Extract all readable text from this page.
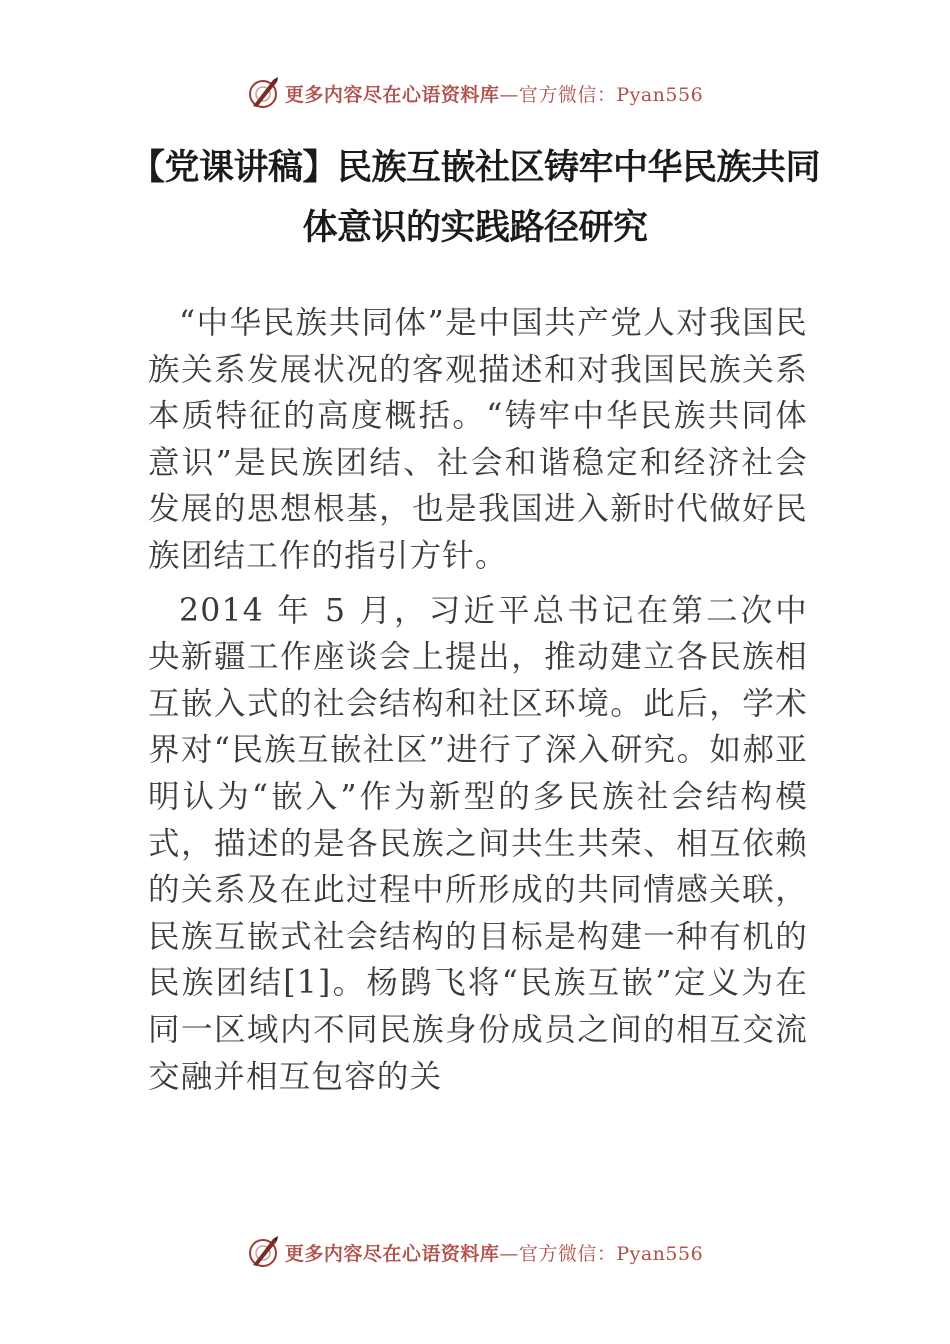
更多内容尽在心语资料库 —官方微信：Pyan556
【党课讲稿】民族互嵌社区铸牢中华民族共同
体意识的实践路径研究

“中华民族共同体”是中国共产党人对我国民族关系发展状况的客观描述和对我国民族关系本质特征的高度概括。“铸牢中华民族共同体意识”是民族团结、社会和谐稳定和经济社会发展的思想根基，也是我国进入新时代做好民族团结工作的指引方针。

2014 年 5 月，习近平总书记在第二次中央新疆工作座谈会上提出，推动建立各民族相互嵌入式的社会结构和社区环境。此后，学术界对“民族互嵌社区”进行了深入研究。如郝亚明认为“嵌入”作为新型的多民族社会结构模式，描述的是各民族之间共生共荣、相互依赖的关系及在此过程中所形成的共同情感关联，民族互嵌式社会结构的目标是构建一种有机的民族团结[1]。杨鹍飞将“民族互嵌”定义为在同一区域内不同民族身份成员之间的相互交流交融并相互包容的关

更多内容尽在心语资料库 —官方微信：Pyan556
